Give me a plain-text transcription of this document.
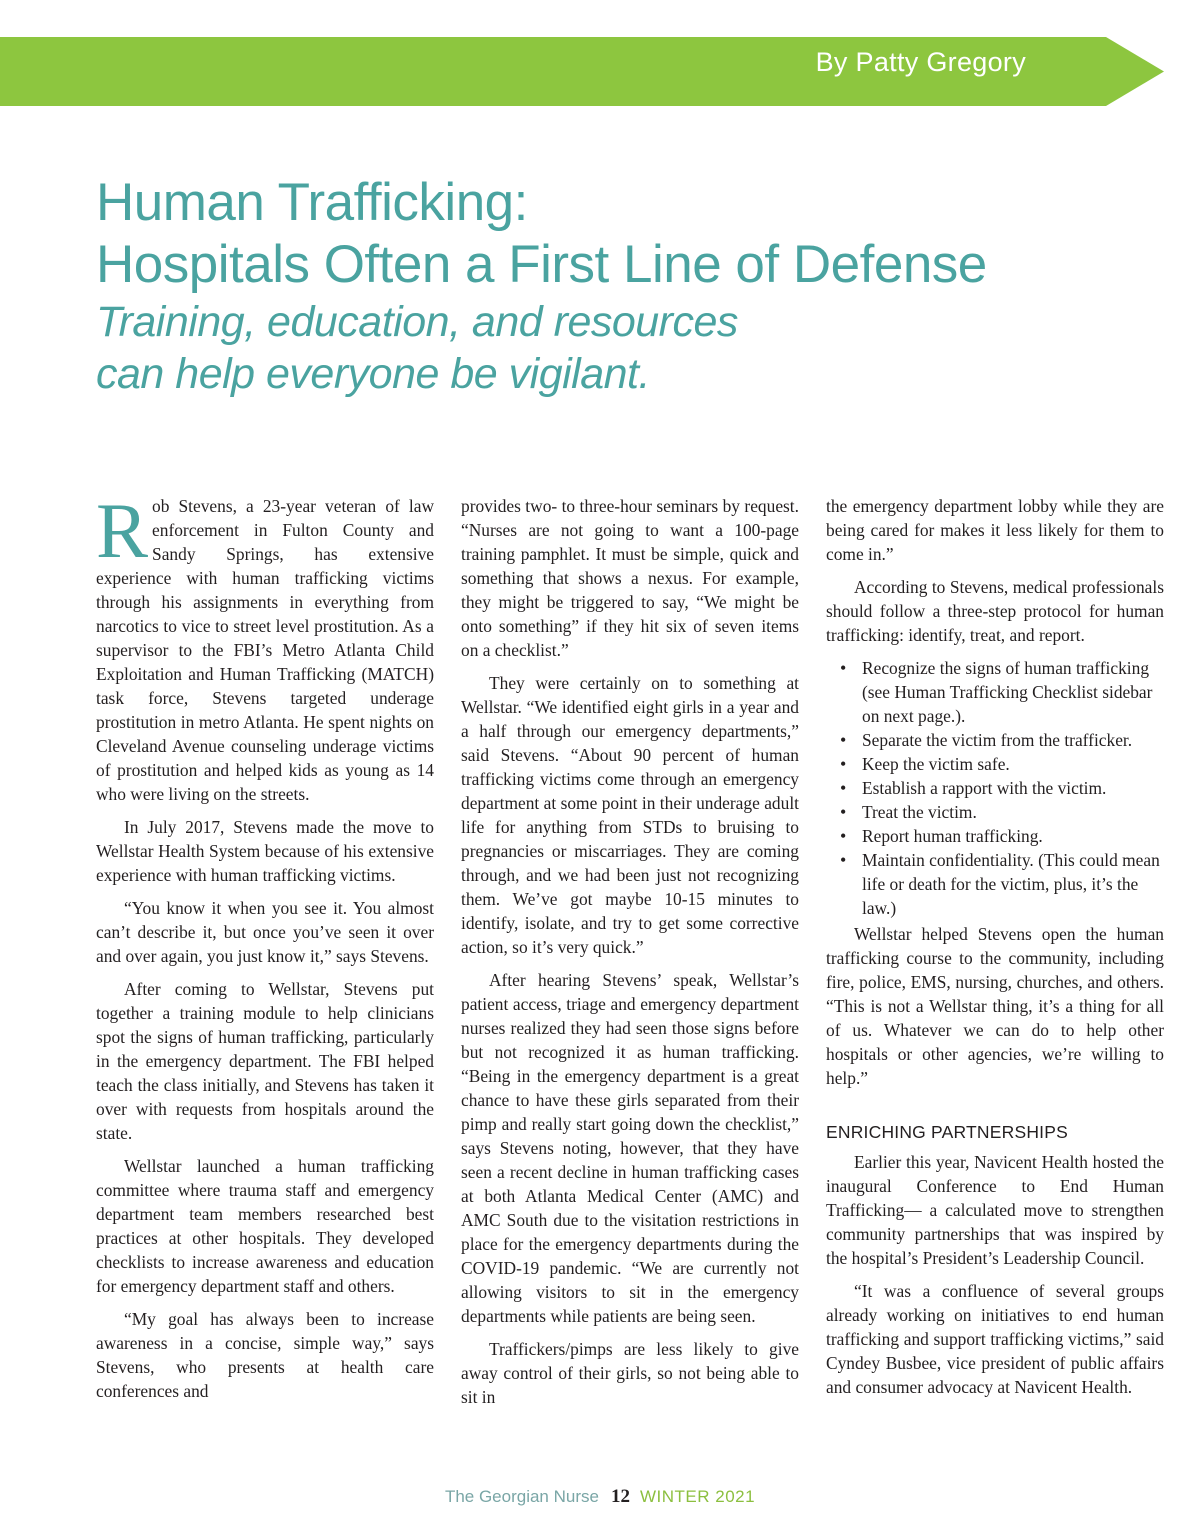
By Patty Gregory
Human Trafficking:
Hospitals Often a First Line of Defense
Training, education, and resources can help everyone be vigilant.

Rob Stevens, a 23-year veteran of law enforcement in Fulton County and Sandy Springs, has extensive experience with human trafficking victims through his assignments in everything from narcotics to vice to street level prostitution. As a supervisor to the FBI’s Metro Atlanta Child Exploitation and Human Trafficking (MATCH) task force, Stevens targeted underage prostitution in metro Atlanta. He spent nights on Cleveland Avenue counseling underage victims of prostitution and helped kids as young as 14 who were living on the streets.

In July 2017, Stevens made the move to Wellstar Health System because of his extensive experience with human trafficking victims.

“You know it when you see it. You almost can’t describe it, but once you’ve seen it over and over again, you just know it,” says Stevens.

After coming to Wellstar, Stevens put together a training module to help clinicians spot the signs of human trafficking, particularly in the emergency department. The FBI helped teach the class initially, and Stevens has taken it over with requests from hospitals around the state.

Wellstar launched a human trafficking committee where trauma staff and emergency department team members researched best practices at other hospitals. They developed checklists to increase awareness and education for emergency department staff and others.

“My goal has always been to increase awareness in a concise, simple way,” says Stevens, who presents at health care conferences and

provides two- to three-hour seminars by request. “Nurses are not going to want a 100-page training pamphlet. It must be simple, quick and something that shows a nexus. For example, they might be triggered to say, “We might be onto something” if they hit six of seven items on a checklist.”

They were certainly on to something at Wellstar. “We identified eight girls in a year and a half through our emergency departments,” said Stevens. “About 90 percent of human trafficking victims come through an emergency department at some point in their underage adult life for anything from STDs to bruising to pregnancies or miscarriages. They are coming through, and we had been just not recognizing them. We’ve got maybe 10-15 minutes to identify, isolate, and try to get some corrective action, so it’s very quick.”

After hearing Stevens’ speak, Wellstar’s patient access, triage and emergency department nurses realized they had seen those signs before but not recognized it as human trafficking. “Being in the emergency department is a great chance to have these girls separated from their pimp and really start going down the checklist,” says Stevens noting, however, that they have seen a recent decline in human trafficking cases at both Atlanta Medical Center (AMC) and AMC South due to the visitation restrictions in place for the emergency departments during the COVID-19 pandemic. “We are currently not allowing visitors to sit in the emergency departments while patients are being seen.

Traffickers/pimps are less likely to give away control of their girls, so not being able to sit in

the emergency department lobby while they are being cared for makes it less likely for them to come in.”

According to Stevens, medical professionals should follow a three-step protocol for human trafficking: identify, treat, and report.

• Recognize the signs of human trafficking (see Human Trafficking Checklist sidebar on next page.).
• Separate the victim from the trafficker.
• Keep the victim safe.
• Establish a rapport with the victim.
• Treat the victim.
• Report human trafficking.
• Maintain confidentiality. (This could mean life or death for the victim, plus, it’s the law.)

Wellstar helped Stevens open the human trafficking course to the community, including fire, police, EMS, nursing, churches, and others. “This is not a Wellstar thing, it’s a thing for all of us. Whatever we can do to help other hospitals or other agencies, we’re willing to help.”

ENRICHING PARTNERSHIPS

Earlier this year, Navicent Health hosted the inaugural Conference to End Human Trafficking— a calculated move to strengthen community partnerships that was inspired by the hospital’s President’s Leadership Council.

“It was a confluence of several groups already working on initiatives to end human trafficking and support trafficking victims,” said Cyndey Busbee, vice president of public affairs and consumer advocacy at Navicent Health.

The Georgian Nurse 12 WINTER 2021
